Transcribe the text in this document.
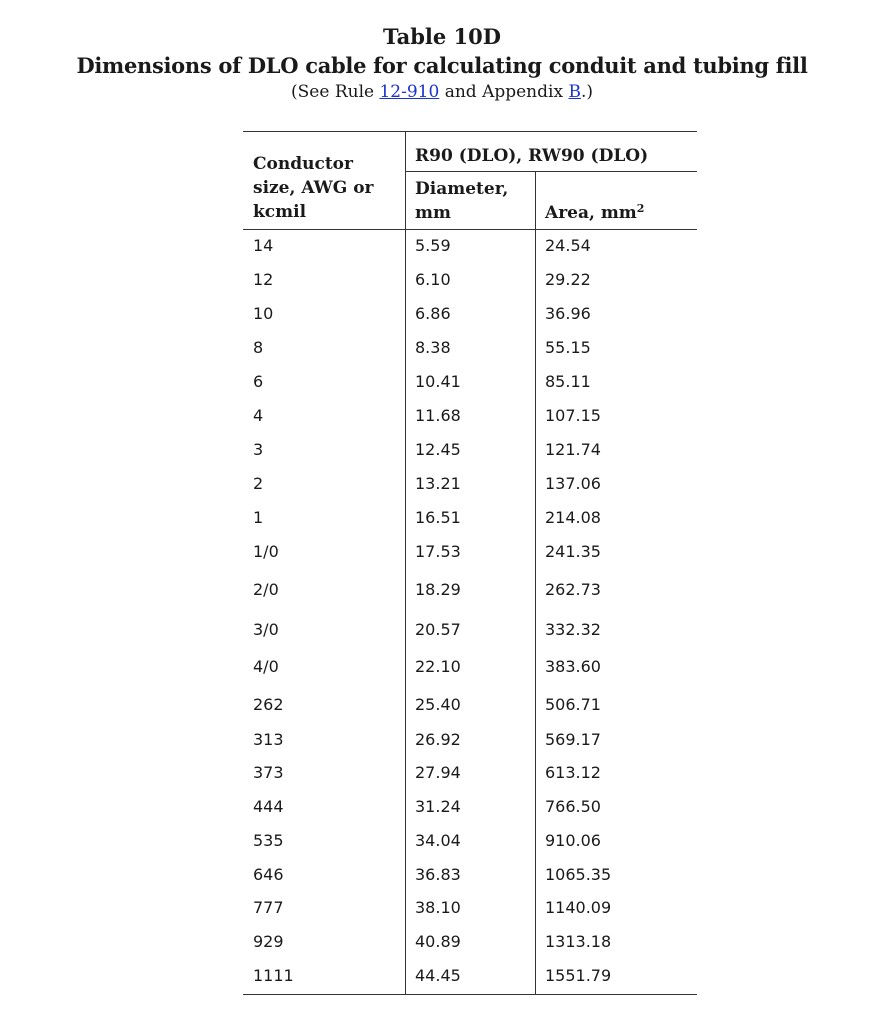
Table 10D
Dimensions of DLO cable for calculating conduit and tubing fill
(See Rule 12-910 and Appendix B.)
Conductor
size, AWG or
kcmil
R90 (DLO), RW90 (DLO)
Diameter,
mm	Area, $mm^2$
14	5.59	24.54
12	6.10	29.22
10	6.86	36.96
8	8.38	55.15
6	10.41	85.11
4	11.68	107.15
3	12.45	121.74
2	13.21	137.06
1	16.51	214.08
1/0	17.53	241.35
2/0	18.29	262.73
3/0	20.57	332.32
4/0	22.10	383.60
262	25.40	506.71
313	26.92	569.17
373	27.94	613.12
444	31.24	766.50
535	34.04	910.06
646	36.83	1065.35
777	38.10	1140.09
929	40.89	1313.18
1111	44.45	1551.79
